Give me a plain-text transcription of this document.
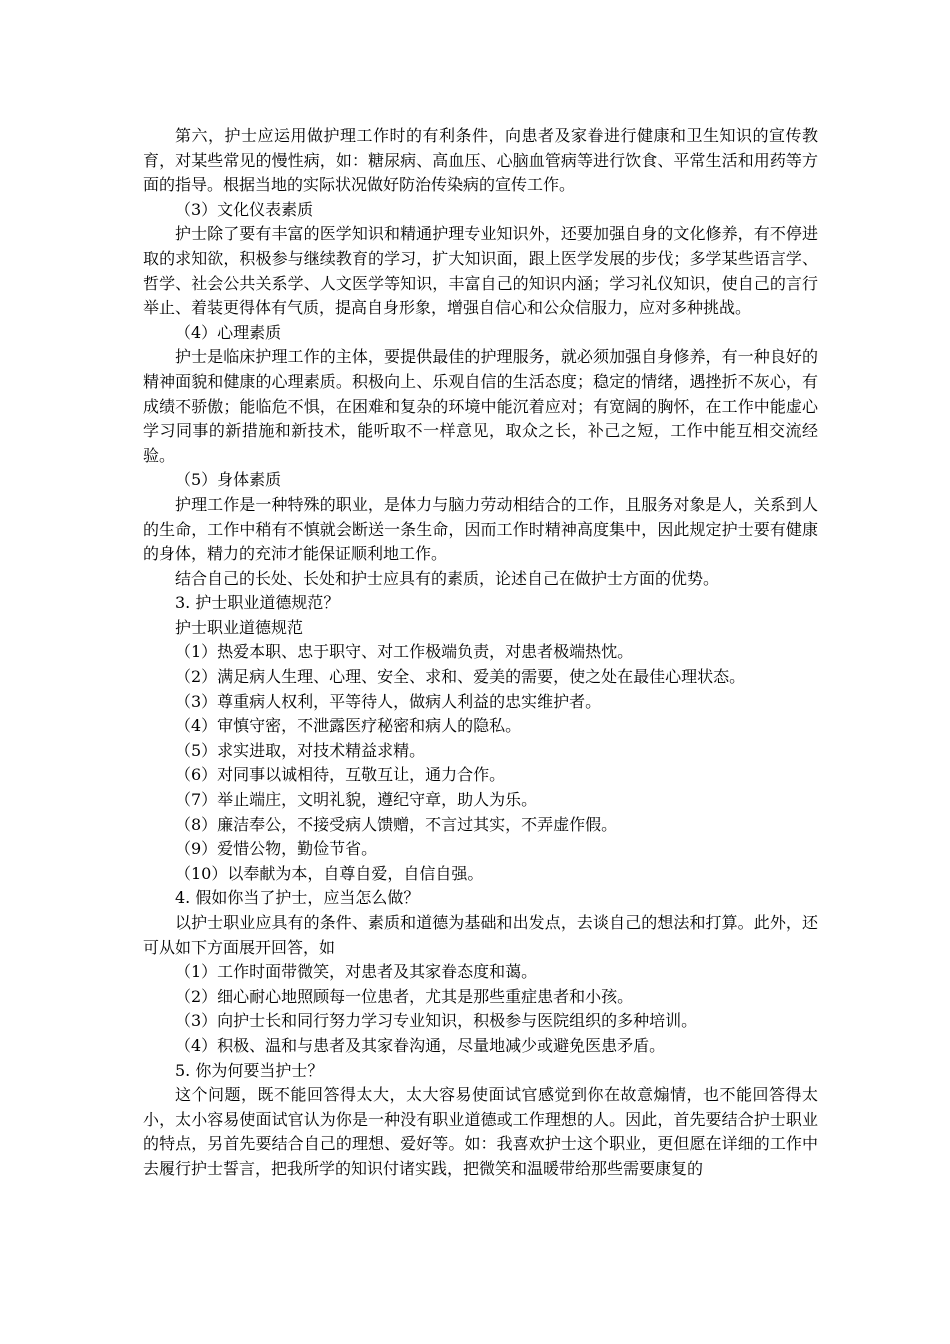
第六，护士应运用做护理工作时的有利条件，向患者及家眷进行健康和卫生知识的宣传教育，对某些常见的慢性病，如：糖尿病、高血压、心脑血管病等进行饮食、平常生活和用药等方面的指导。根据当地的实际状况做好防治传染病的宣传工作。

（3）文化仪表素质

护士除了要有丰富的医学知识和精通护理专业知识外，还要加强自身的文化修养，有不停进取的求知欲，积极参与继续教育的学习，扩大知识面，跟上医学发展的步伐；多学某些语言学、哲学、社会公共关系学、人文医学等知识，丰富自己的知识内涵；学习礼仪知识，使自己的言行举止、着装更得体有气质，提高自身形象，增强自信心和公众信服力，应对多种挑战。

（4）心理素质

护士是临床护理工作的主体，要提供最佳的护理服务，就必须加强自身修养，有一种良好的精神面貌和健康的心理素质。积极向上、乐观自信的生活态度；稳定的情绪，遇挫折不灰心，有成绩不骄傲；能临危不惧，在困难和复杂的环境中能沉着应对；有宽阔的胸怀，在工作中能虚心学习同事的新措施和新技术，能听取不一样意见，取众之长，补己之短，工作中能互相交流经验。

（5）身体素质

护理工作是一种特殊的职业，是体力与脑力劳动相结合的工作，且服务对象是人，关系到人的生命，工作中稍有不慎就会断送一条生命，因而工作时精神高度集中，因此规定护士要有健康的身体，精力的充沛才能保证顺利地工作。

结合自己的长处、长处和护士应具有的素质，论述自己在做护士方面的优势。

3. 护士职业道德规范？

护士职业道德规范

（1）热爱本职、忠于职守、对工作极端负责，对患者极端热忱。

（2）满足病人生理、心理、安全、求和、爱美的需要，使之处在最佳心理状态。

（3）尊重病人权利，平等待人，做病人利益的忠实维护者。

（4）审慎守密，不泄露医疗秘密和病人的隐私。

（5）求实进取，对技术精益求精。

（6）对同事以诚相待，互敬互让，通力合作。

（7）举止端庄，文明礼貌，遵纪守章，助人为乐。

（8）廉洁奉公，不接受病人馈赠，不言过其实，不弄虚作假。

（9）爱惜公物，勤俭节省。

（10）以奉献为本，自尊自爱，自信自强。

4. 假如你当了护士，应当怎么做？

以护士职业应具有的条件、素质和道德为基础和出发点，去谈自己的想法和打算。此外，还可从如下方面展开回答，如

（1）工作时面带微笑，对患者及其家眷态度和蔼。

（2）细心耐心地照顾每一位患者，尤其是那些重症患者和小孩。

（3）向护士长和同行努力学习专业知识，积极参与医院组织的多种培训。

（4）积极、温和与患者及其家眷沟通，尽量地减少或避免医患矛盾。

5. 你为何要当护士？

这个问题，既不能回答得太大，太大容易使面试官感觉到你在故意煽情，也不能回答得太小，太小容易使面试官认为你是一种没有职业道德或工作理想的人。因此，首先要结合护士职业的特点，另首先要结合自己的理想、爱好等。如：我喜欢护士这个职业，更但愿在详细的工作中去履行护士誓言，把我所学的知识付诸实践，把微笑和温暖带给那些需要康复的
